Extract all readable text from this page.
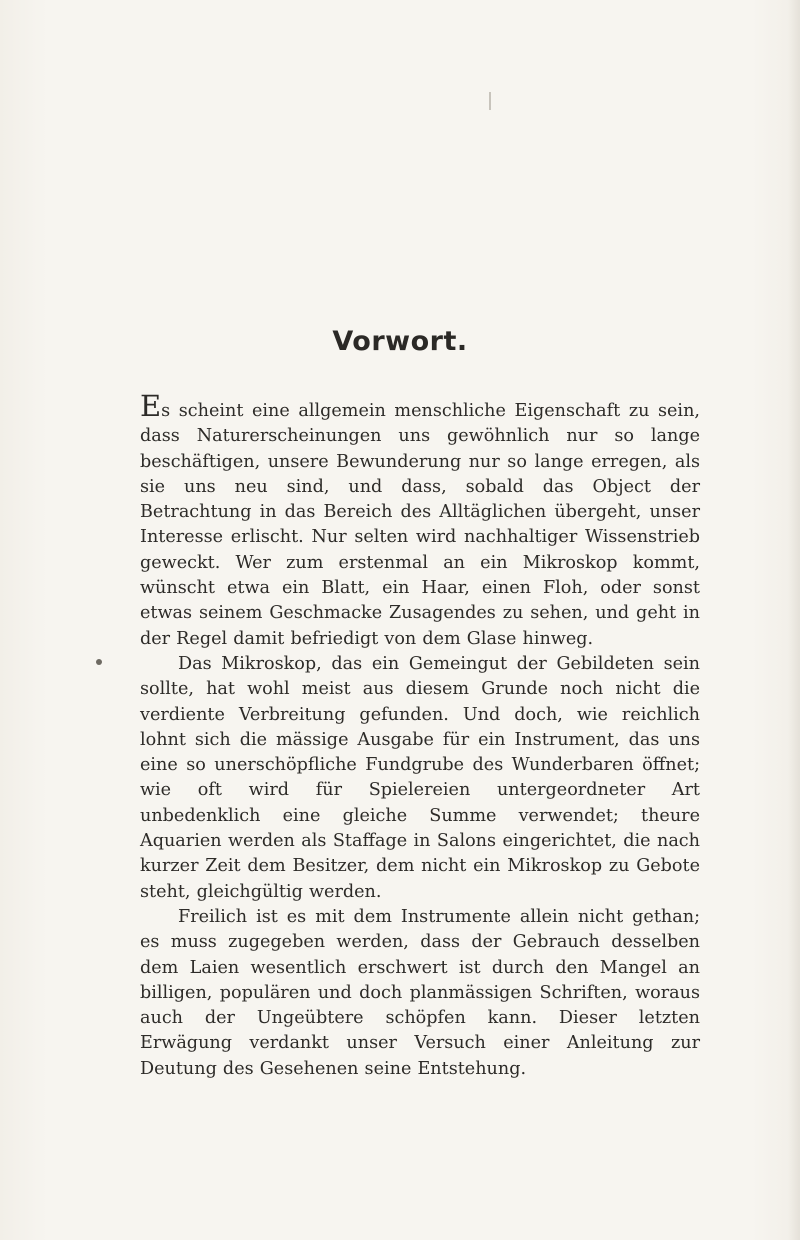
Vorwort.

Es scheint eine allgemein menschliche Eigenschaft zu sein, dass Naturerscheinungen uns gewöhnlich nur so lange beschäftigen, unsere Bewunderung nur so lange erregen, als sie uns neu sind, und dass, sobald das Object der Betrachtung in das Bereich des Alltäglichen übergeht, unser Interesse erlischt. Nur selten wird nachhaltiger Wissenstrieb geweckt. Wer zum erstenmal an ein Mikroskop kommt, wünscht etwa ein Blatt, ein Haar, einen Floh, oder sonst etwas seinem Geschmacke Zusagendes zu sehen, und geht in der Regel damit befriedigt von dem Glase hinweg.

Das Mikroskop, das ein Gemeingut der Gebildeten sein sollte, hat wohl meist aus diesem Grunde noch nicht die verdiente Verbreitung gefunden. Und doch, wie reichlich lohnt sich die mässige Ausgabe für ein Instrument, das uns eine so unerschöpfliche Fundgrube des Wunderbaren öffnet; wie oft wird für Spielereien untergeordneter Art unbedenklich eine gleiche Summe verwendet; theure Aquarien werden als Staffage in Salons eingerichtet, die nach kurzer Zeit dem Besitzer, dem nicht ein Mikroskop zu Gebote steht, gleichgültig werden.

Freilich ist es mit dem Instrumente allein nicht gethan; es muss zugegeben werden, dass der Gebrauch desselben dem Laien wesentlich erschwert ist durch den Mangel an billigen, populären und doch planmässigen Schriften, woraus auch der Ungeübtere schöpfen kann. Dieser letzten Erwägung verdankt unser Versuch einer Anleitung zur Deutung des Gesehenen seine Entstehung.
